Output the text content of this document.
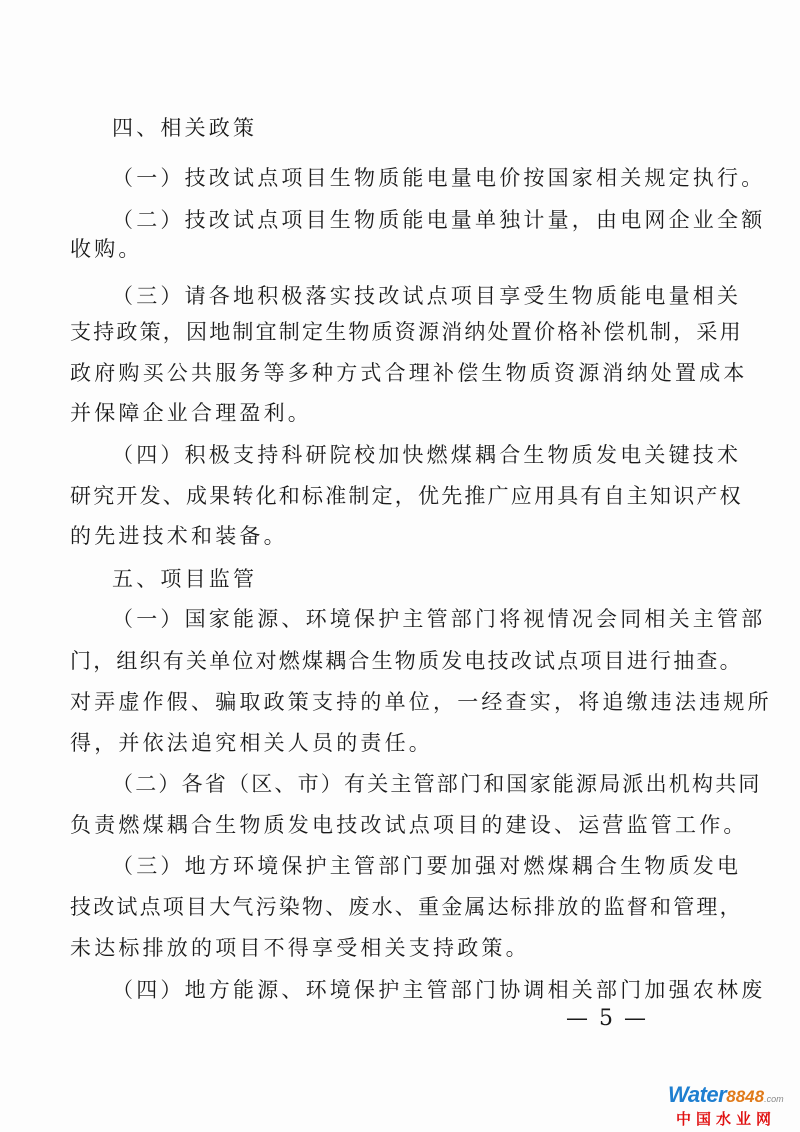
四、相关政策
（一）技改试点项目生物质能电量电价按国家相关规定执行。
（二）技改试点项目生物质能电量单独计量，由电网企业全额
收购。
（三）请各地积极落实技改试点项目享受生物质能电量相关
支持政策，因地制宜制定生物质资源消纳处置价格补偿机制，采用
政府购买公共服务等多种方式合理补偿生物质资源消纳处置成本
并保障企业合理盈利。
（四）积极支持科研院校加快燃煤耦合生物质发电关键技术
研究开发、成果转化和标准制定，优先推广应用具有自主知识产权
的先进技术和装备。
五、项目监管
（一）国家能源、环境保护主管部门将视情况会同相关主管部
门，组织有关单位对燃煤耦合生物质发电技改试点项目进行抽查。
对弄虚作假、骗取政策支持的单位，一经查实，将追缴违法违规所
得，并依法追究相关人员的责任。
（二）各省（区、市）有关主管部门和国家能源局派出机构共同
负责燃煤耦合生物质发电技改试点项目的建设、运营监管工作。
（三）地方环境保护主管部门要加强对燃煤耦合生物质发电
技改试点项目大气污染物、废水、重金属达标排放的监督和管理，
未达标排放的项目不得享受相关支持政策。
（四）地方能源、环境保护主管部门协调相关部门加强农林废
— 5 —
Water8848.com
中国水业网
